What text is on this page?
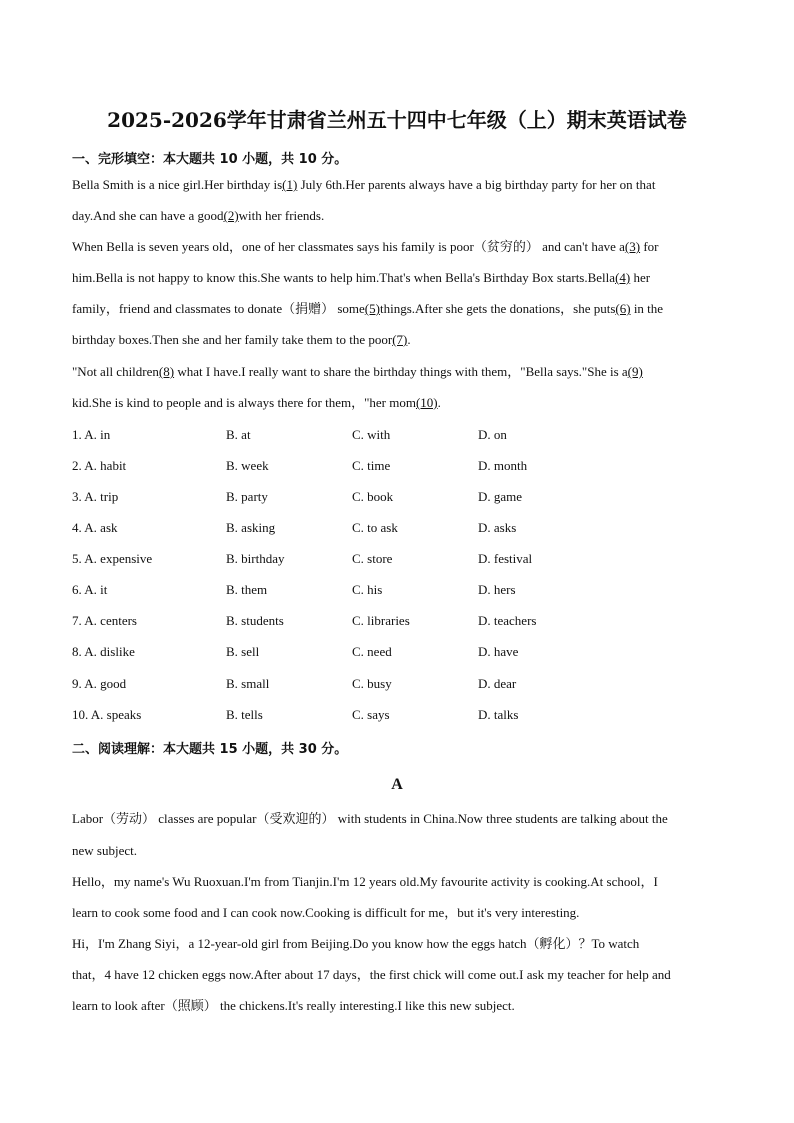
2025-2026学年甘肃省兰州五十四中七年级（上）期末英语试卷
一、完形填空：本大题共 10 小题，共 10 分。
Bella Smith is a nice girl.Her birthday is(1) July 6th.Her parents always have a big birthday party for her on that
day.And she can have a good(2)with her friends.
When Bella is seven years old，one of her classmates says his family is poor（贫穷的） and can't have a(3) for
him.Bella is not happy to know this.She wants to help him.That's when Bella's Birthday Box starts.Bella(4) her
family，friend and classmates to donate（捐赠） some(5)things.After she gets the donations，she puts(6) in the
birthday boxes.Then she and her family take them to the poor(7).
"Not all children(8) what I have.I really want to share the birthday things with them，"Bella says."She is a(9)
kid.She is kind to people and is always there for them，"her mom(10).
1. A. in	B. at	C. with	D. on
2. A. habit	B. week	C. time	D. month
3. A. trip	B. party	C. book	D. game
4. A. ask	B. asking	C. to ask	D. asks
5. A. expensive	B. birthday	C. store	D. festival
6. A. it	B. them	C. his	D. hers
7. A. centers	B. students	C. libraries	D. teachers
8. A. dislike	B. sell	C. need	D. have
9. A. good	B. small	C. busy	D. dear
10. A. speaks	B. tells	C. says	D. talks
二、阅读理解：本大题共 15 小题，共 30 分。
A
Labor（劳动） classes are popular（受欢迎的） with students in China.Now three students are talking about the
new subject.
Hello，my name's Wu Ruoxuan.I'm from Tianjin.I'm 12 years old.My favourite activity is cooking.At school，I
learn to cook some food and I can cook now.Cooking is difficult for me，but it's very interesting.
Hi，I'm Zhang Siyi，a 12-year-old girl from Beijing.Do you know how the eggs hatch（孵化）？To watch
that，4 have 12 chicken eggs now.After about 17 days，the first chick will come out.I ask my teacher for help and
learn to look after（照顾） the chickens.It's really interesting.I like this new subject.
